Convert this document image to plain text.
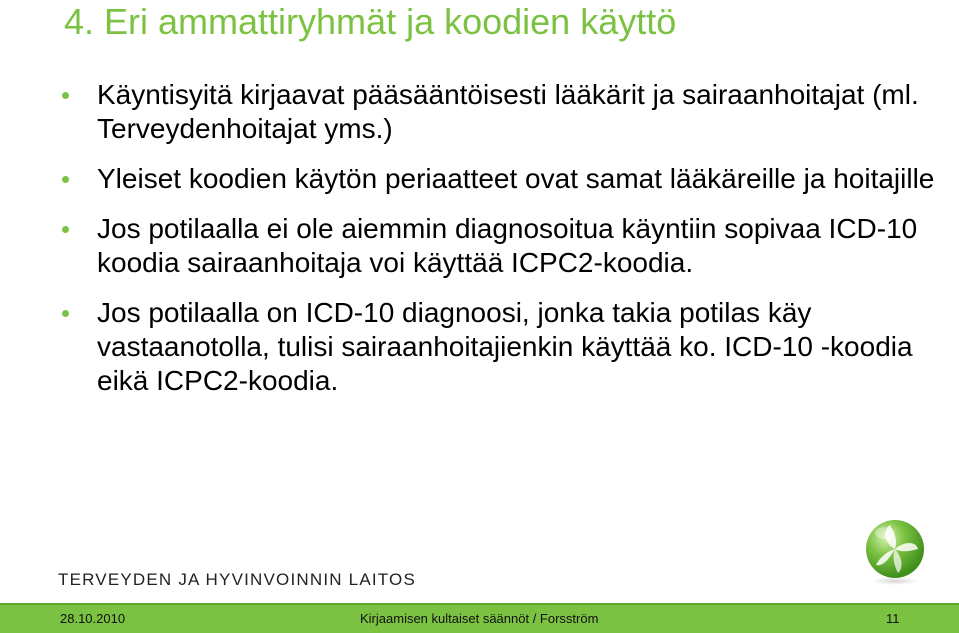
4. Eri ammattiryhmät ja koodien käyttö
Käyntisyitä kirjaavat pääsääntöisesti lääkärit ja sairaanhoitajat (ml. Terveydenhoitajat yms.)
Yleiset koodien käytön periaatteet ovat samat lääkäreille ja hoitajille
Jos potilaalla ei ole aiemmin diagnosoitua käyntiin sopivaa ICD-10 koodia sairaanhoitaja voi käyttää ICPC2-koodia.
Jos potilaalla on ICD-10 diagnoosi, jonka takia potilas käy vastaanotolla, tulisi sairaanhoitajienkin käyttää ko. ICD-10 -koodia eikä ICPC2-koodia.
TERVEYDEN JA HYVINVOINNIN LAITOS
28.10.2010	Kirjaamisen kultaiset säännöt / Forsström	11
